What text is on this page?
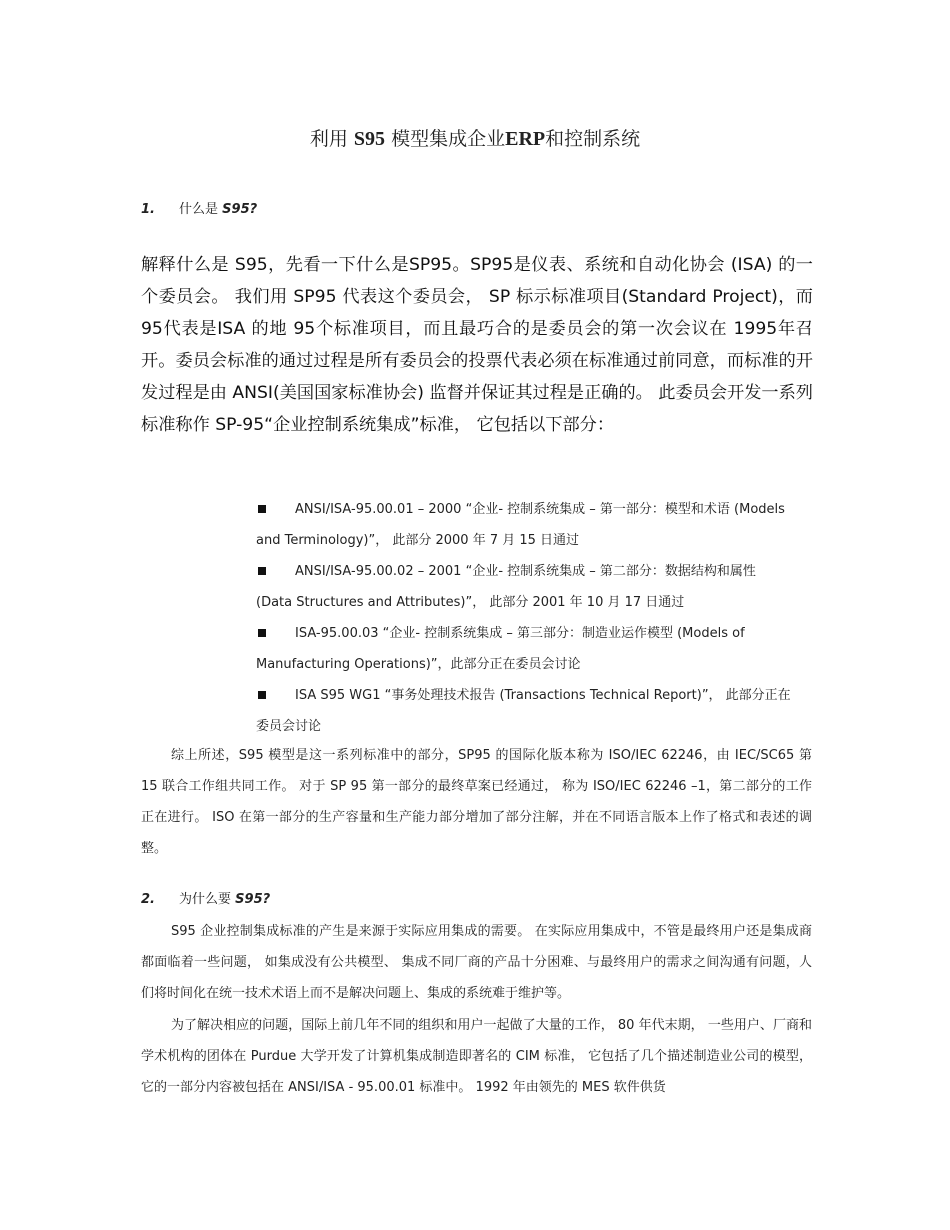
利用 S95 模型集成企业ERP和控制系统
1. 什么是 S95?
解释什么是 S95，先看一下什么是SP95。SP95是仪表、系统和自动化协会 (ISA) 的一个委员会。 我们用 SP95 代表这个委员会， SP 标示标准项目(Standard Project)，而95代表是ISA 的地 95个标准项目，而且最巧合的是委员会的第一次会议在 1995年召开。委员会标准的通过过程是所有委员会的投票代表必须在标准通过前同意，而标准的开发过程是由 ANSI(美国国家标准协会) 监督并保证其过程是正确的。 此委员会开发一系列标准称作 SP-95“企业控制系统集成”标准， 它包括以下部分：
ANSI/ISA-95.00.01 – 2000 “企业- 控制系统集成 – 第一部分：模型和术语 (Models
and Terminology)”， 此部分 2000 年 7 月 15 日通过
ANSI/ISA-95.00.02 – 2001 “企业- 控制系统集成 – 第二部分：数据结构和属性
(Data Structures and Attributes)”， 此部分 2001 年 10 月 17 日通过
ISA-95.00.03 “企业- 控制系统集成 – 第三部分：制造业运作模型 (Models of
Manufacturing Operations)”，此部分正在委员会讨论
ISA S95 WG1 “事务处理技术报告 (Transactions Technical Report)”， 此部分正在
委员会讨论
综上所述，S95 模型是这一系列标准中的部分，SP95 的国际化版本称为 ISO/IEC 62246，由 IEC/SC65 第 15 联合工作组共同工作。 对于 SP 95 第一部分的最终草案已经通过， 称为 ISO/IEC 62246 –1，第二部分的工作正在进行。 ISO 在第一部分的生产容量和生产能力部分增加了部分注解，并在不同语言版本上作了格式和表述的调整。
2. 为什么要 S95?
S95 企业控制集成标准的产生是来源于实际应用集成的需要。 在实际应用集成中，不管是最终用户还是集成商都面临着一些问题， 如集成没有公共模型、 集成不同厂商的产品十分困难、与最终用户的需求之间沟通有问题，人们将时间化在统一技术术语上而不是解决问题上、集成的系统难于维护等。
为了解决相应的问题，国际上前几年不同的组织和用户一起做了大量的工作， 80 年代末期， 一些用户、厂商和学术机构的团体在 Purdue 大学开发了计算机集成制造即著名的 CIM 标准， 它包括了几个描述制造业公司的模型， 它的一部分内容被包括在 ANSI/ISA - 95.00.01 标准中。 1992 年由领先的 MES 软件供货
